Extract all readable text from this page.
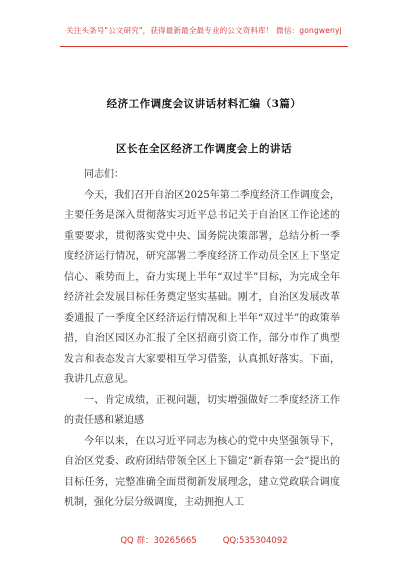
关注头条号"公文研究"，获得最新最全最专业的公文资料库！ 微信：gongwenyj
经济工作调度会议讲话材料汇编（3篇）
区长在全区经济工作调度会上的讲话

同志们：

今天，我们召开自治区2025年第二季度经济工作调度会，主要任务是深入贯彻落实习近平总书记关于自治区工作论述的重要要求，贯彻落实党中央、国务院决策部署，总结分析一季度经济运行情况，研究部署二季度经济工作动员全区上下坚定信心、乘势而上，奋力实现上半年“双过半”目标，为完成全年经济社会发展目标任务奠定坚实基础。刚才，自治区发展改革委通报了一季度全区经济运行情况和上半年“双过半”的政策举措，自治区园区办汇报了全区招商引资工作，部分市作了典型发言和表态发言大家要相互学习借鉴，认真抓好落实。下面，我讲几点意见。

一、肯定成绩，正视问题，切实增强做好二季度经济工作的责任感和紧迫感

今年以来，在以习近平同志为核心的党中央坚强领导下，自治区党委、政府团结带领全区上下锚定“新春第一会”提出的目标任务，完整准确全面贯彻新发展理念，建立党政联合调度机制，强化分层分级调度，主动拥抱人工

QQ 群：30265665	QQ:535304092
